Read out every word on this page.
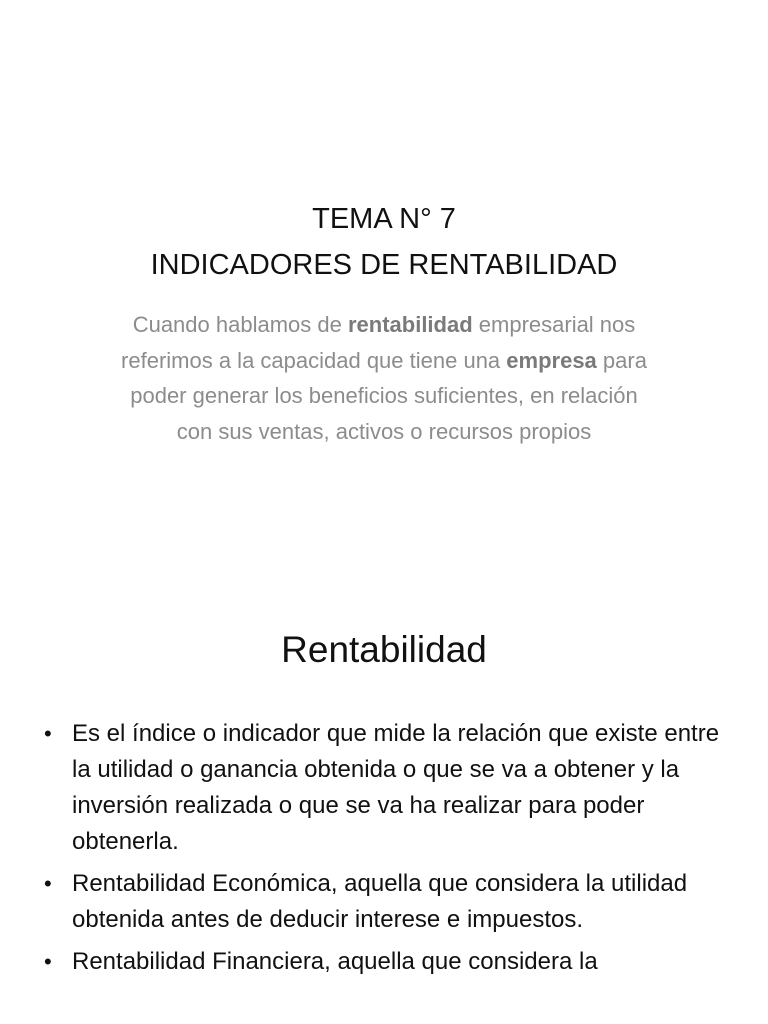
TEMA N° 7
INDICADORES DE RENTABILIDAD
Cuando hablamos de rentabilidad empresarial nos referimos a la capacidad que tiene una empresa para poder generar los beneficios suficientes, en relación con sus ventas, activos o recursos propios
Rentabilidad
• Es el índice o indicador que mide la relación que existe entre la utilidad o ganancia obtenida o que se va a obtener y la inversión realizada o que se va ha realizar para poder obtenerla.
• Rentabilidad Económica, aquella que considera la utilidad obtenida antes de deducir interese e impuestos.
• Rentabilidad Financiera, aquella que considera la
